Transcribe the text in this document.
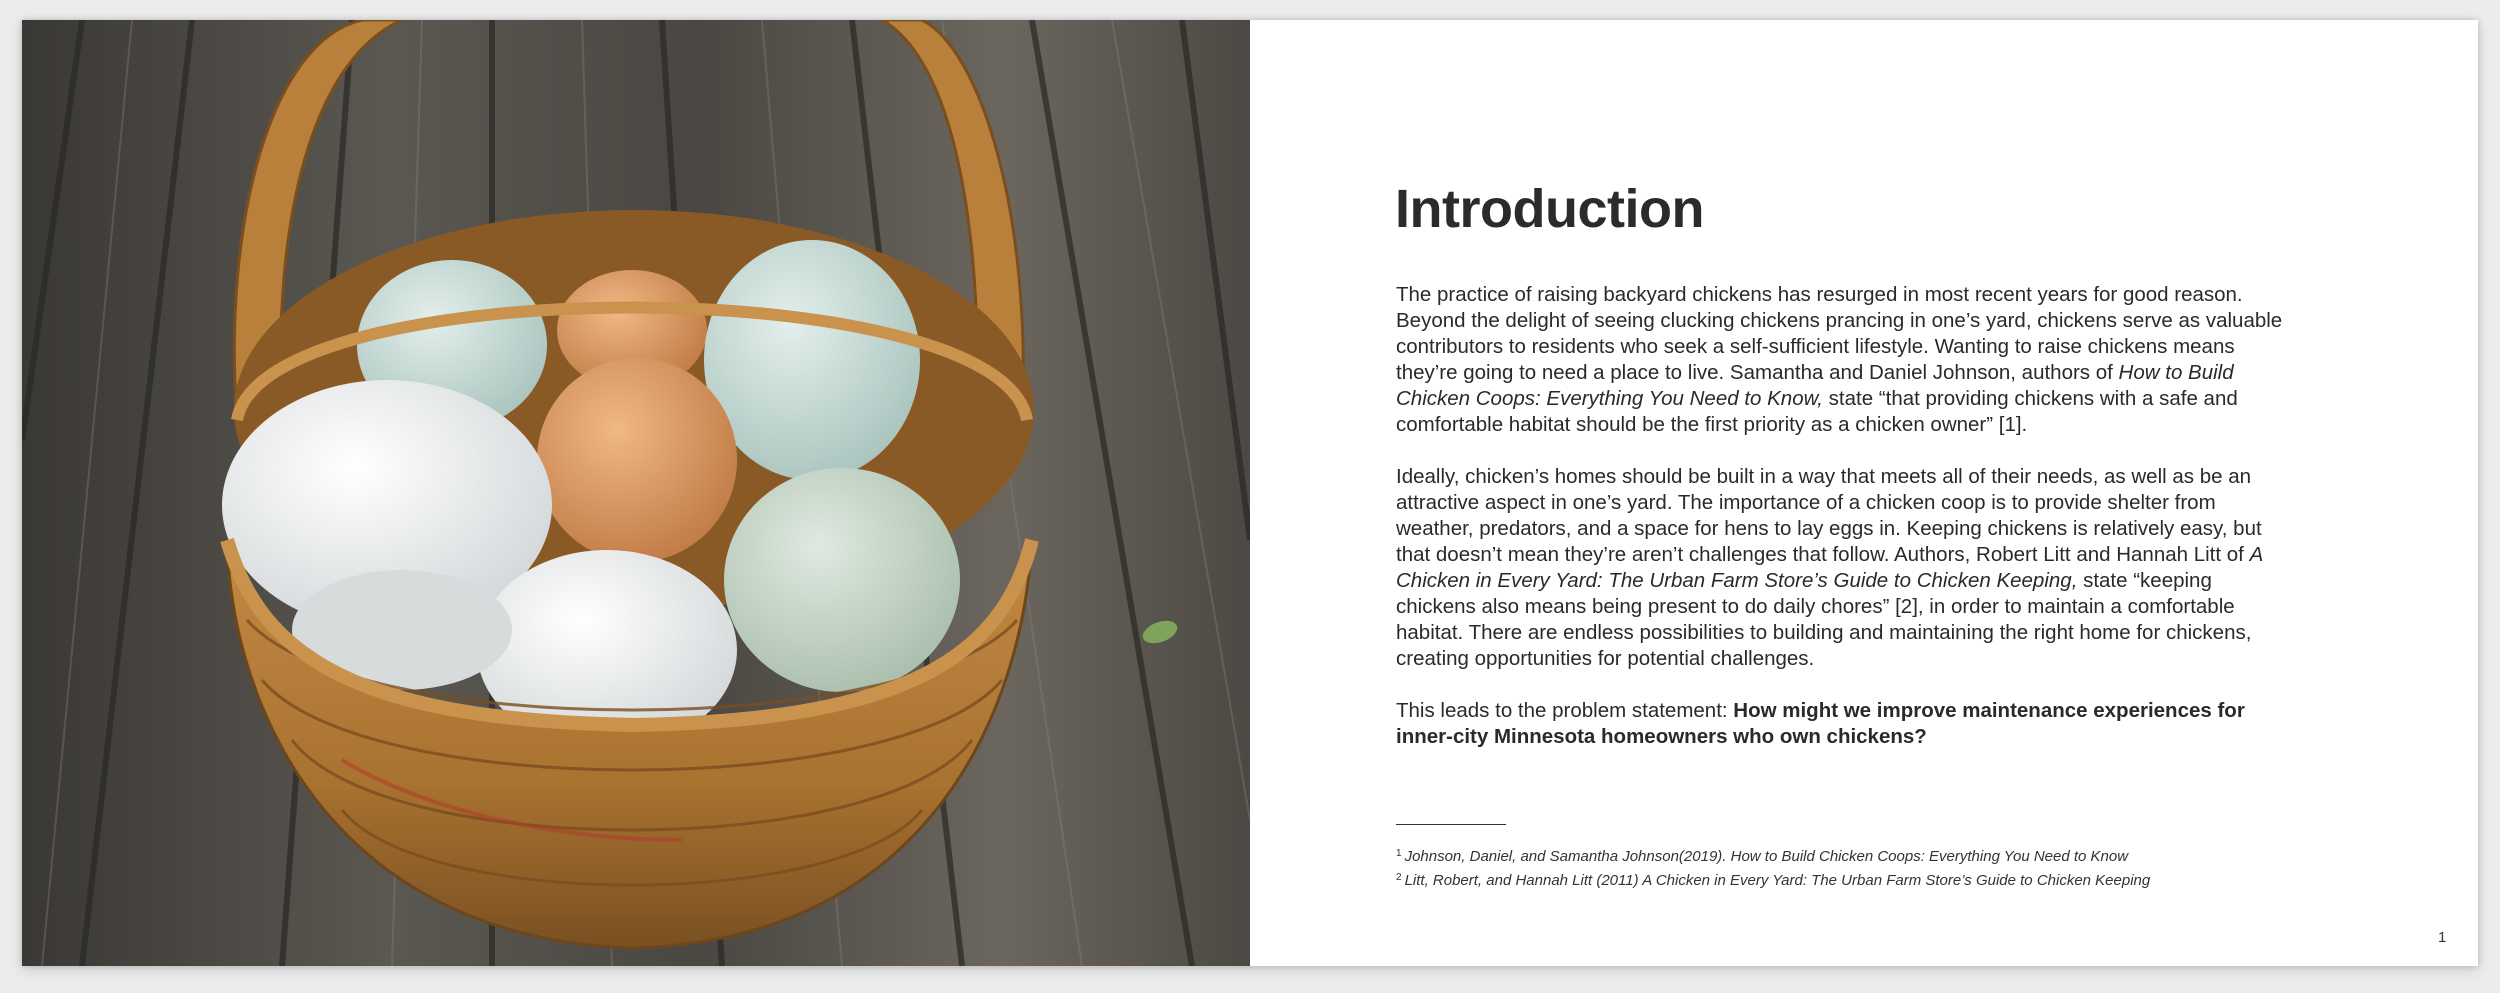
Introduction

The practice of raising backyard chickens has resurged in most recent years for good reason. Beyond the delight of seeing clucking chickens prancing in one’s yard, chickens serve as valuable contributors to residents who seek a self-sufficient lifestyle. Wanting to raise chickens means they’re going to need a place to live. Samantha and Daniel Johnson, authors of How to Build Chicken Coops: Everything You Need to Know, state “that providing chickens with a safe and comfortable habitat should be the first priority as a chicken owner” [1].

Ideally, chicken’s homes should be built in a way that meets all of their needs, as well as be an attractive aspect in one’s yard. The importance of a chicken coop is to provide shelter from weather, predators, and a space for hens to lay eggs in. Keeping chickens is relatively easy, but that doesn’t mean they’re aren’t challenges that follow. Authors, Robert Litt and Hannah Litt of A Chicken in Every Yard: The Urban Farm Store’s Guide to Chicken Keeping, state “keeping chickens also means being present to do daily chores” [2], in order to maintain a comfortable habitat. There are endless possibilities to building and maintaining the right home for chickens, creating opportunities for potential challenges.

This leads to the problem statement: How might we improve maintenance experiences for inner-city Minnesota homeowners who own chickens?

$^1$ Johnson, Daniel, and Samantha Johnson(2019). How to Build Chicken Coops: Everything You Need to Know
$^2$ Litt, Robert, and Hannah Litt (2011) A Chicken in Every Yard: The Urban Farm Store’s Guide to Chicken Keeping
1
